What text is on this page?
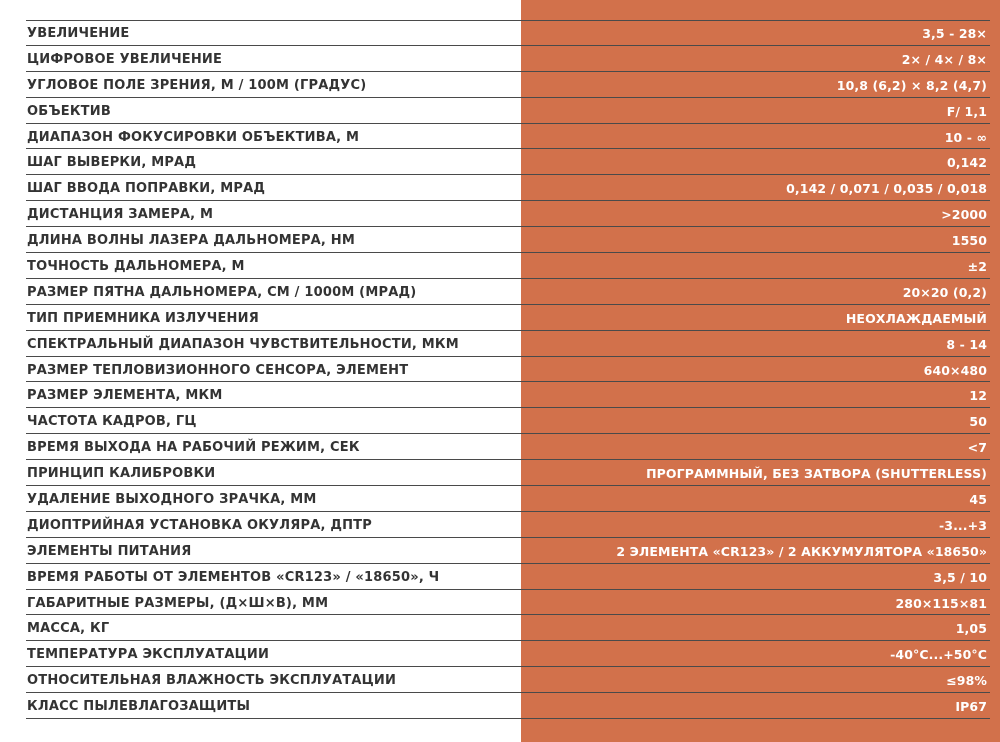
УВЕЛИЧЕНИЕ	3,5 - 28×
ЦИФРОВОЕ УВЕЛИЧЕНИЕ	2× / 4× / 8×
УГЛОВОЕ ПОЛЕ ЗРЕНИЯ, М / 100М (ГРАДУС)	10,8 (6,2) × 8,2 (4,7)
ОБЪЕКТИВ	F/ 1,1
ДИАПАЗОН ФОКУСИРОВКИ ОБЪЕКТИВА, М	10 - ∞
ШАГ ВЫВЕРКИ, МРАД	0,142
ШАГ ВВОДА ПОПРАВКИ, МРАД	0,142 / 0,071 / 0,035 / 0,018
ДИСТАНЦИЯ ЗАМЕРА, М	>2000
ДЛИНА ВОЛНЫ ЛАЗЕРА ДАЛЬНОМЕРА, НМ	1550
ТОЧНОСТЬ ДАЛЬНОМЕРА, М	±2
РАЗМЕР ПЯТНА ДАЛЬНОМЕРА, СМ / 1000М (МРАД)	20×20 (0,2)
ТИП ПРИЕМНИКА ИЗЛУЧЕНИЯ	НЕОХЛАЖДАЕМЫЙ
СПЕКТРАЛЬНЫЙ ДИАПАЗОН ЧУВСТВИТЕЛЬНОСТИ, МКМ	8 - 14
РАЗМЕР ТЕПЛОВИЗИОННОГО СЕНСОРА, ЭЛЕМЕНТ	640×480
РАЗМЕР ЭЛЕМЕНТА, МКМ	12
ЧАСТОТА КАДРОВ, ГЦ	50
ВРЕМЯ ВЫХОДА НА РАБОЧИЙ РЕЖИМ, СЕК	<7
ПРИНЦИП КАЛИБРОВКИ	ПРОГРАММНЫЙ, БЕЗ ЗАТВОРА (SHUTTERLESS)
УДАЛЕНИЕ ВЫХОДНОГО ЗРАЧКА, ММ	45
ДИОПТРИЙНАЯ УСТАНОВКА ОКУЛЯРА, ДПТР	-3...+3
ЭЛЕМЕНТЫ ПИТАНИЯ	2 ЭЛЕМЕНТА «CR123» / 2 АККУМУЛЯТОРА «18650»
ВРЕМЯ РАБОТЫ ОТ ЭЛЕМЕНТОВ «CR123» / «18650», Ч	3,5 / 10
ГАБАРИТНЫЕ РАЗМЕРЫ, (Д×Ш×В), ММ	280×115×81
МАССА, КГ	1,05
ТЕМПЕРАТУРА ЭКСПЛУАТАЦИИ	-40°C...+50°C
ОТНОСИТЕЛЬНАЯ ВЛАЖНОСТЬ ЭКСПЛУАТАЦИИ	≤98%
КЛАСС ПЫЛЕВЛАГОЗАЩИТЫ	IP67
